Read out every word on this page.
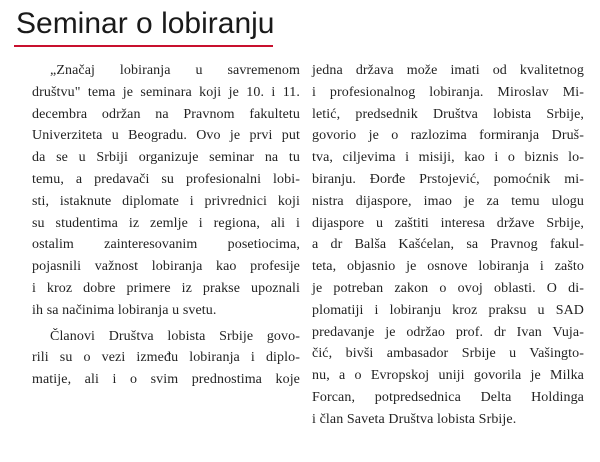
Seminar o lobiranju
„Značaj lobiranja u savremenom
društvu" tema je seminara koji je 10. i 11.
decembra održan na Pravnom fakultetu
Univerziteta u Beogradu. Ovo je prvi put
da se u Srbiji organizuje seminar na tu
temu, a predavači su profesionalni lobi-
sti, istaknute diplomate i privrednici koji
su studentima iz zemlje i regiona, ali i
ostalim zainteresovanim posetiocima,
pojasnili važnost lobiranja kao profesije
i kroz dobre primere iz prakse upoznali
ih sa načinima lobiranja u svetu.
Članovi Društva lobista Srbije govo-
rili su o vezi između lobiranja i diplo-
matije, ali i o svim prednostima koje
jedna država može imati od kvalitetnog
i profesionalnog lobiranja. Miroslav Mi-
letić, predsednik Društva lobista Srbije,
govorio je o razlozima formiranja Druš-
tva, ciljevima i misiji, kao i o biznis lo-
biranju. Đorđe Prstojević, pomoćnik mi-
nistra dijaspore, imao je za temu ulogu
dijaspore u zaštiti interesa države Srbije,
a dr Balša Kašćelan, sa Pravnog fakul-
teta, objasnio je osnove lobiranja i zašto
je potreban zakon o ovoj oblasti. O di-
plomatiji i lobiranju kroz praksu u SAD
predavanje je održao prof. dr Ivan Vuja-
čić, bivši ambasador Srbije u Vašingto-
nu, a o Evropskoj uniji govorila je Milka
Forcan, potpredsednica Delta Holdinga
i član Saveta Društva lobista Srbije.
